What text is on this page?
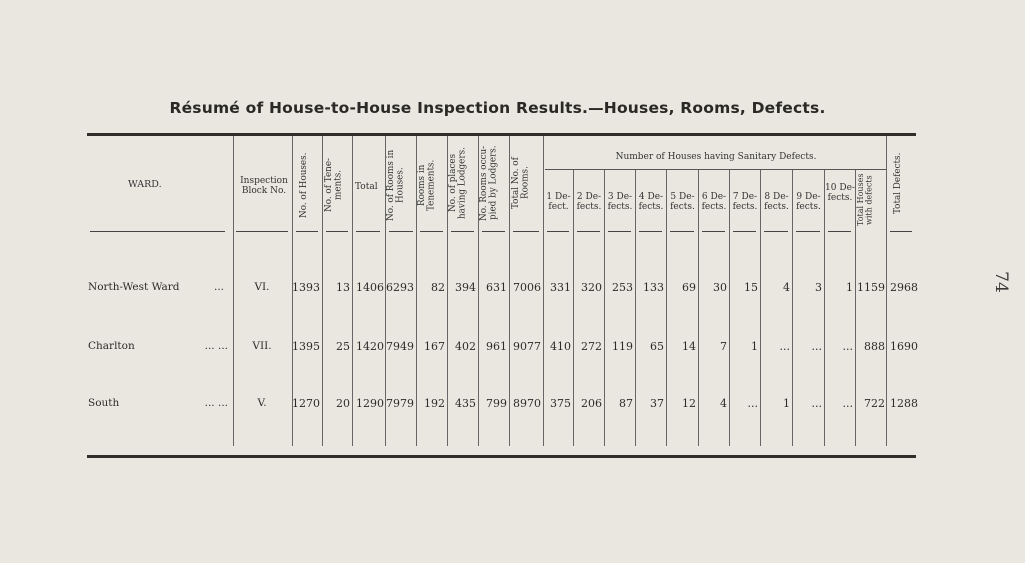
Résumé of House-to-House Inspection Results.—Houses, Rooms, Defects.
WARD.	Inspection Block No.	Total
Number of Houses having Sanitary Defects.
1 De- fect.
2 De- fects.
3 De- fects.
4 De- fects.
5 De- fects.
6 De- fects.
7 De- fects.
8 De- fects.
9 De- fects.
10 De- fects.
No. of Houses.	No. of Tene- ments.	No. of Rooms in Houses.	Rooms in Tenements.	No. of places having Lodgers.	No. Rooms occu- pied by Lodgers.	Total No. of Rooms.	Total Houses with defects	Total Defects.
North-West Ward	...	VI.	1393	13 1406 6293	82 394 631 7006 331 320 253 133	69	30	15	4	3	1 1159 2968
Charlton	... ...	VII.	1395	25 1420 7949 167 402 961 9077 410 272 119	65	14	7	1	...	...	...	888 1690
South	... ...	V.	1270	20 1290 7979 192 435 799 8970 375 206	87	37	12	4	...	1	...	...	722 1288
74
